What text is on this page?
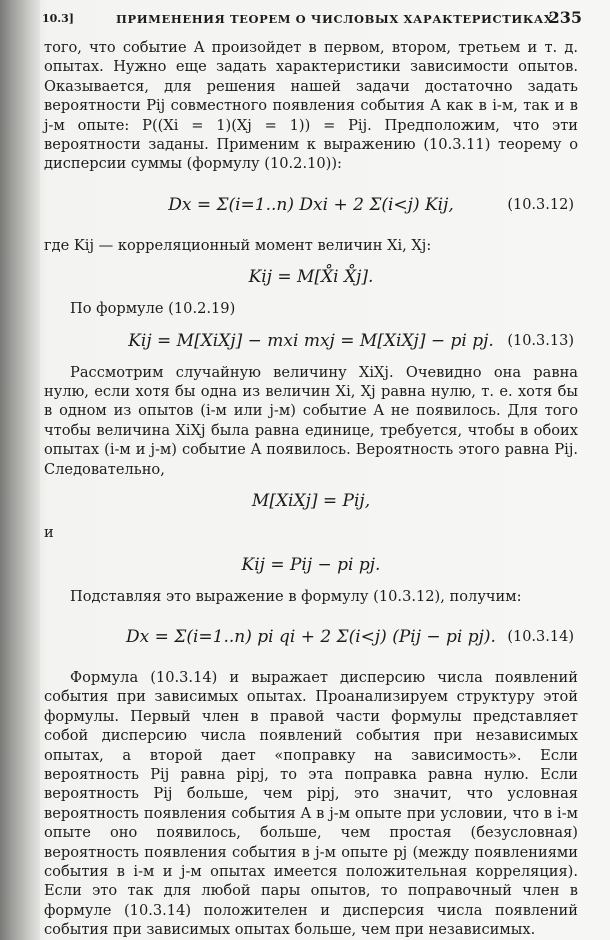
10.3]	ПРИМЕНЕНИЯ ТЕОРЕМ О ЧИСЛОВЫХ ХАРАКТЕРИСТИКАХ
235

того, что событие A произойдет в первом, втором, третьем и т. д. опытах. Нужно еще задать характеристики зависимости опытов. Оказывается, для решения нашей задачи достаточно задать вероятности Pij совместного появления события A как в i-м, так и в j-м опыте: P((Xi = 1)(Xj = 1)) = Pij. Предположим, что эти вероятности заданы. Применим к выражению (10.3.11) теорему о дисперсии суммы (формулу (10.2.10)):

Dx = Σ(i=1..n) Dxi + 2 Σ(i<j) Kij,	(10.3.12)

где Kij — корреляционный момент величин Xi, Xj:

Kij = M[X̊i X̊j].

По формуле (10.2.19)

Kij = M[XiXj] − mxi mxj = M[XiXj] − pi pj. (10.3.13)

Рассмотрим случайную величину XiXj. Очевидно она равна нулю, если хотя бы одна из величин Xi, Xj равна нулю, т. е. хотя бы в одном из опытов (i-м или j-м) событие A не появилось. Для того чтобы величина XiXj была равна единице, требуется, чтобы в обоих опытах (i-м и j-м) событие A появилось. Вероятность этого равна Pij. Следовательно,

M[XiXj] = Pij,

и

Kij = Pij − pi pj.

Подставляя это выражение в формулу (10.3.12), получим:

Dx = Σ(i=1..n) pi qi + 2 Σ(i<j) (Pij − pi pj). (10.3.14)

Формула (10.3.14) и выражает дисперсию числа появлений события при зависимых опытах. Проанализируем структуру этой формулы. Первый член в правой части формулы представляет собой дисперсию числа появлений события при независимых опытах, а второй дает «поправку на зависимость». Если вероятность Pij равна pipj, то эта поправка равна нулю. Если вероятность Pij больше, чем pipj, это значит, что условная вероятность появления события A в j-м опыте при условии, что в i-м опыте оно появилось, больше, чем простая (безусловная) вероятность появления события в j-м опыте pj (между появлениями события в i-м и j-м опытах имеется положительная корреляция). Если это так для любой пары опытов, то поправочный член в формуле (10.3.14) положителен и дисперсия числа появлений события при зависимых опытах больше, чем при независимых.
